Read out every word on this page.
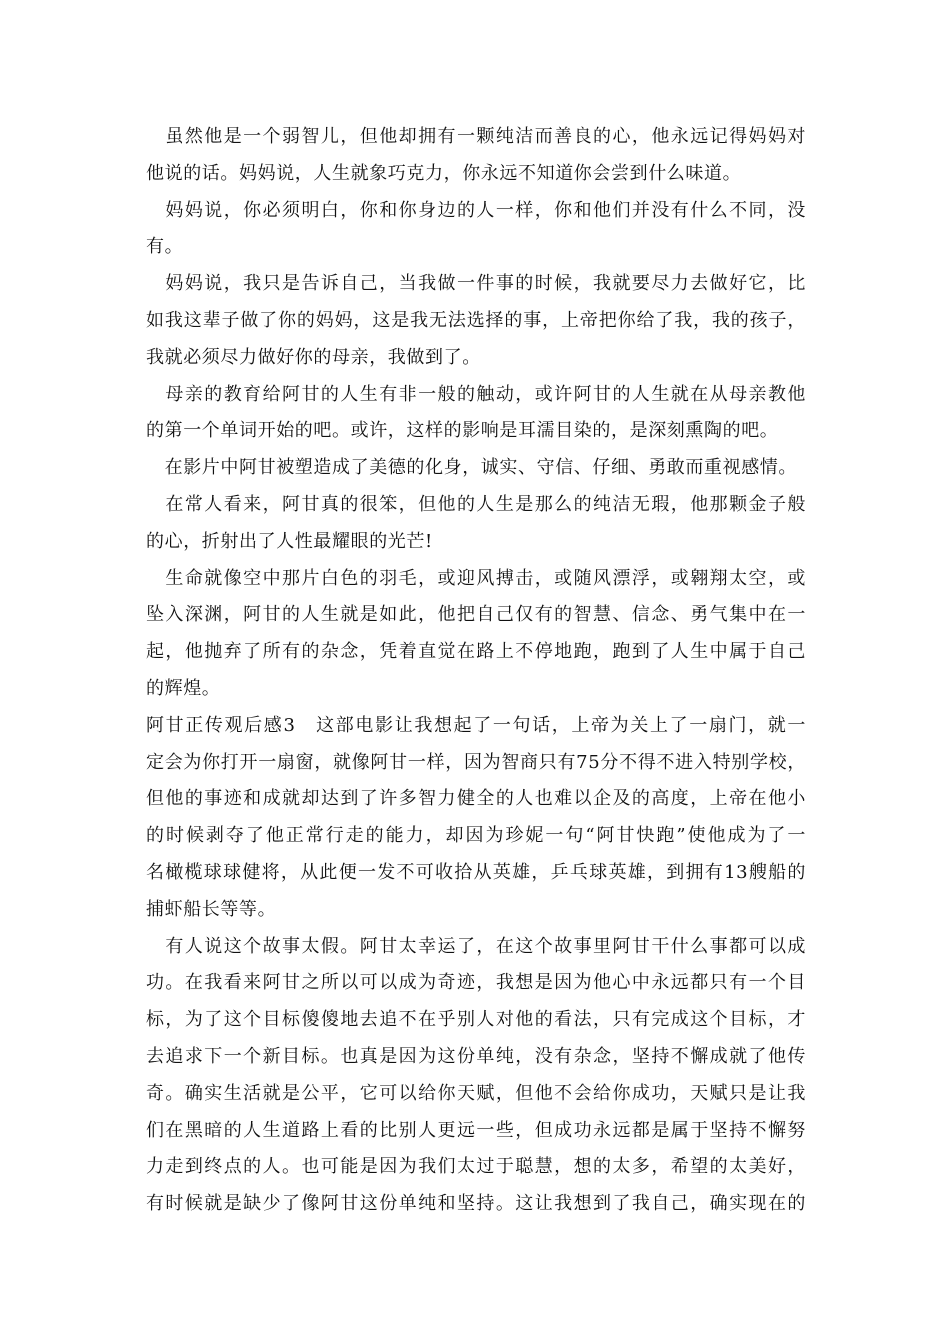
　虽然他是一个弱智儿，但他却拥有一颗纯洁而善良的心，他永远记得妈妈对
他说的话。妈妈说，人生就象巧克力，你永远不知道你会尝到什么味道。
　妈妈说，你必须明白，你和你身边的人一样，你和他们并没有什么不同，没
有。
　妈妈说，我只是告诉自己，当我做一件事的时候，我就要尽力去做好它，比
如我这辈子做了你的妈妈，这是我无法选择的事，上帝把你给了我，我的孩子，
我就必须尽力做好你的母亲，我做到了。
　母亲的教育给阿甘的人生有非一般的触动，或许阿甘的人生就在从母亲教他
的第一个单词开始的吧。或许，这样的影响是耳濡目染的，是深刻熏陶的吧。
　在影片中阿甘被塑造成了美德的化身，诚实、守信、仔细、勇敢而重视感情。
　在常人看来，阿甘真的很笨，但他的人生是那么的纯洁无瑕，他那颗金子般
的心，折射出了人性最耀眼的光芒!
　生命就像空中那片白色的羽毛，或迎风搏击，或随风漂浮，或翱翔太空，或
坠入深渊，阿甘的人生就是如此，他把自己仅有的智慧、信念、勇气集中在一
起，他抛弃了所有的杂念，凭着直觉在路上不停地跑，跑到了人生中属于自己
的辉煌。
阿甘正传观后感3　这部电影让我想起了一句话，上帝为关上了一扇门，就一
定会为你打开一扇窗，就像阿甘一样，因为智商只有75分不得不进入特别学校，
但他的事迹和成就却达到了许多智力健全的人也难以企及的高度，上帝在他小
的时候剥夺了他正常行走的能力，却因为珍妮一句“阿甘快跑”使他成为了一
名橄榄球球健将，从此便一发不可收拾从英雄，乒乓球英雄，到拥有13艘船的
捕虾船长等等。
　有人说这个故事太假。阿甘太幸运了，在这个故事里阿甘干什么事都可以成
功。在我看来阿甘之所以可以成为奇迹，我想是因为他心中永远都只有一个目
标，为了这个目标傻傻地去追不在乎别人对他的看法，只有完成这个目标，才
去追求下一个新目标。也真是因为这份单纯，没有杂念，坚持不懈成就了他传
奇。确实生活就是公平，它可以给你天赋，但他不会给你成功，天赋只是让我
们在黑暗的人生道路上看的比别人更远一些，但成功永远都是属于坚持不懈努
力走到终点的人。也可能是因为我们太过于聪慧，想的太多，希望的太美好，
有时候就是缺少了像阿甘这份单纯和坚持。这让我想到了我自己，确实现在的
